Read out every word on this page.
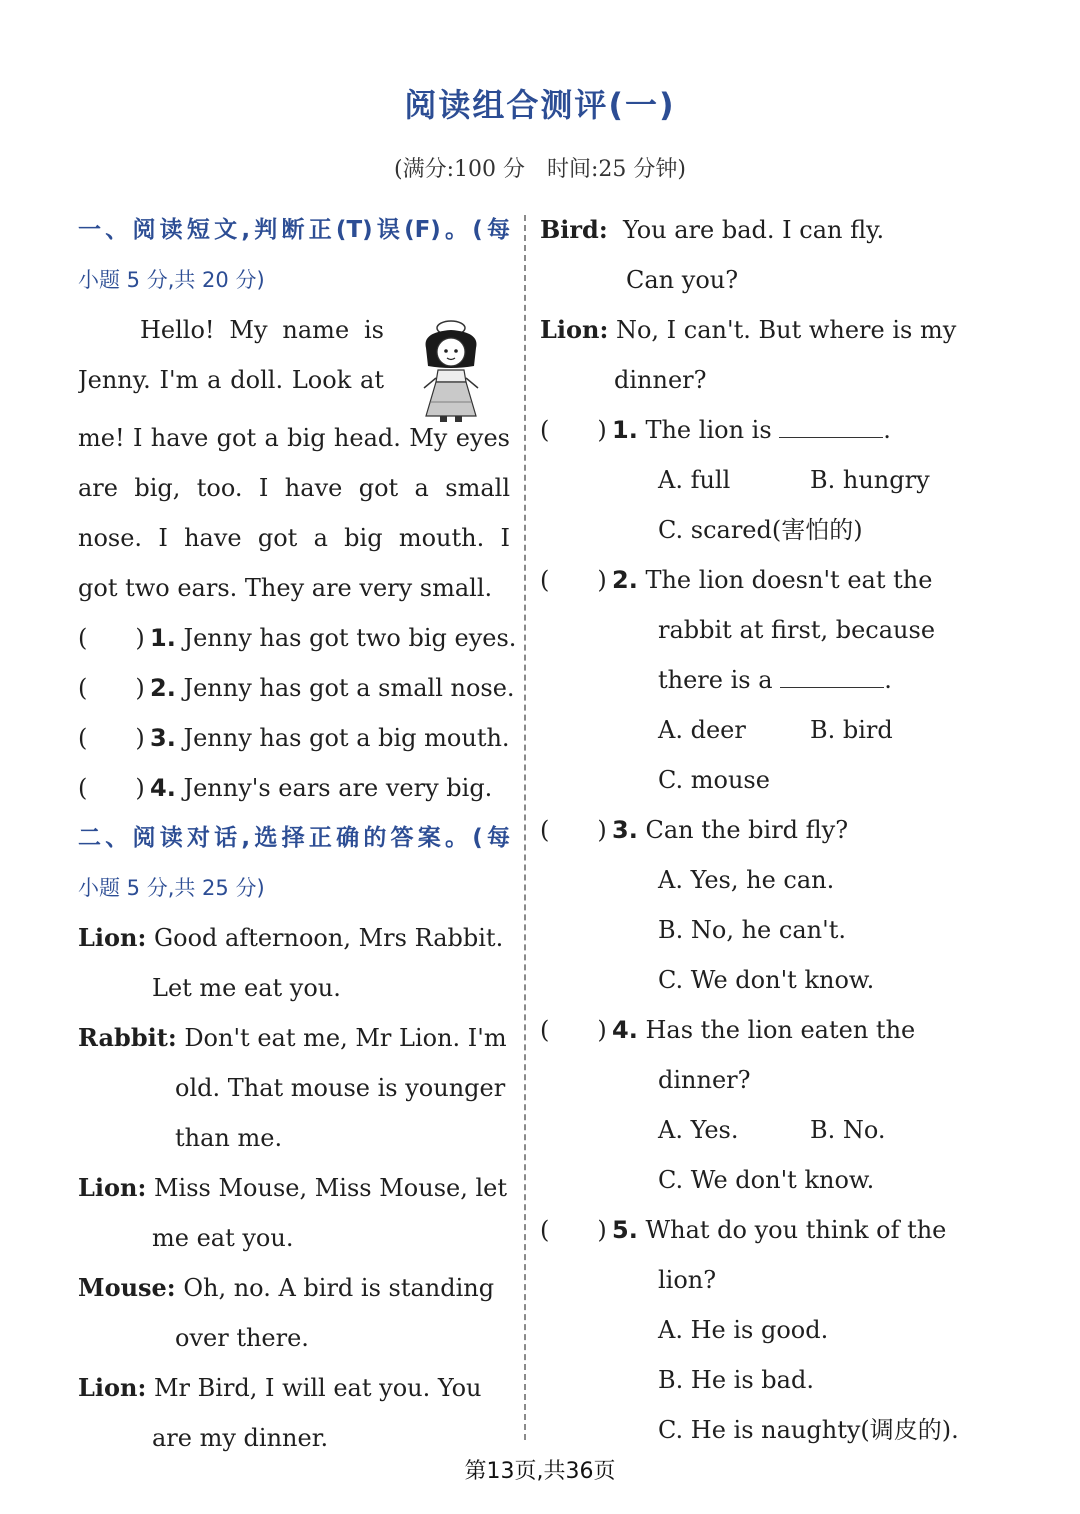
阅读组合测评(一)
(满分:100 分　时间:25 分钟)
一、阅读短文,判断正(T)误(F)。(每
小题 5 分,共 20 分)
Hello! My name is
Jenny. I'm a doll. Look at
me! I have got a big head. My eyes
are big, too. I have got a small
nose. I have got a big mouth. I
got two ears. They are very small.
(　　) 1. Jenny has got two big eyes.
(　　) 2. Jenny has got a small nose.
(　　) 3. Jenny has got a big mouth.
(　　) 4. Jenny's ears are very big.
二、阅读对话,选择正确的答案。(每
小题 5 分,共 25 分)
Lion: Good afternoon, Mrs Rabbit.
Let me eat you.
Rabbit: Don't eat me, Mr Lion. I'm
old. That mouse is younger
than me.
Lion: Miss Mouse, Miss Mouse, let
me eat you.
Mouse: Oh, no. A bird is standing
over there.
Lion: Mr Bird, I will eat you. You
are my dinner.
Bird: You are bad. I can fly.
Can you?
Lion: No, I can't. But where is my
dinner?
(　　) 1. The lion is	.
A. full	B. hungry
C. scared(害怕的)
(　　) 2. The lion doesn't eat the
rabbit at first, because
there is a	.
A. deer	B. bird
C. mouse
(　　) 3. Can the bird fly?
A. Yes, he can.
B. No, he can't.
C. We don't know.
(　　) 4. Has the lion eaten the
dinner?
A. Yes.	B. No.
C. We don't know.
(　　) 5. What do you think of the
lion?
A. He is good.
B. He is bad.
C. He is naughty(调皮的).
第13页,共36页
